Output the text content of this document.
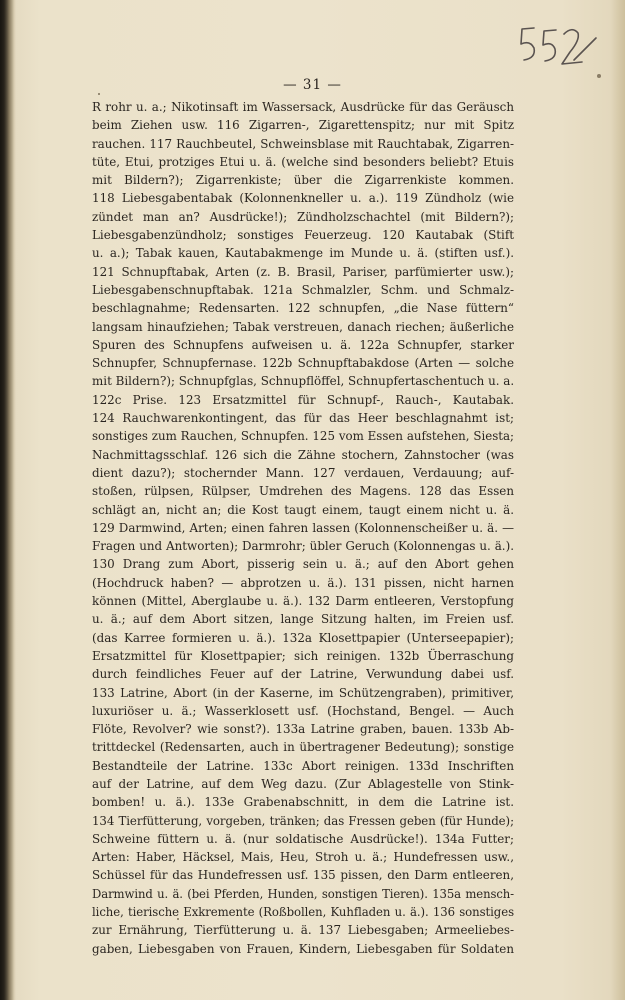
— 31 —
R rohr u. a.; Nikotinsaft im Wassersack, Ausdrücke für das Geräusch
beim Ziehen usw. 116 Zigarren-, Zigarettenspitz; nur mit Spitz
rauchen. 117 Rauchbeutel, Schweinsblase mit Rauchtabak, Zigarren-
tüte, Etui, protziges Etui u. ä. (welche sind besonders beliebt? Etuis
mit Bildern?); Zigarrenkiste; über die Zigarrenkiste kommen.
118 Liebesgabentabak (Kolonnenkneller u. a.). 119 Zündholz (wie
zündet man an? Ausdrücke!); Zündholzschachtel (mit Bildern?);
Liebesgabenzündholz; sonstiges Feuerzeug. 120 Kautabak (Stift
u. a.); Tabak kauen, Kautabakmenge im Munde u. ä. (stiften usf.).
121 Schnupftabak, Arten (z. B. Brasil, Pariser, parfümierter usw.);
Liebesgabenschnupftabak. 121a Schmalzler, Schm. und Schmalz-
beschlagnahme; Redensarten. 122 schnupfen, „die Nase füttern“
langsam hinaufziehen; Tabak verstreuen, danach riechen; äußerliche
Spuren des Schnupfens aufweisen u. ä. 122a Schnupfer, starker
Schnupfer, Schnupfernase. 122b Schnupftabakdose (Arten — solche
mit Bildern?); Schnupfglas, Schnupflöffel, Schnupfertaschentuch u. a.
122c Prise. 123 Ersatzmittel für Schnupf-, Rauch-, Kautabak.
124 Rauchwarenkontingent, das für das Heer beschlagnahmt ist;
sonstiges zum Rauchen, Schnupfen. 125 vom Essen aufstehen, Siesta;
Nachmittagsschlaf. 126 sich die Zähne stochern, Zahnstocher (was
dient dazu?); stochernder Mann. 127 verdauen, Verdauung; auf-
stoßen, rülpsen, Rülpser, Umdrehen des Magens. 128 das Essen
schlägt an, nicht an; die Kost taugt einem, taugt einem nicht u. ä.
129 Darmwind, Arten; einen fahren lassen (Kolonnenscheißer u. ä. —
Fragen und Antworten); Darmrohr; übler Geruch (Kolonnengas u. ä.).
130 Drang zum Abort, pisserig sein u. ä.; auf den Abort gehen
(Hochdruck haben? — abprotzen u. ä.). 131 pissen, nicht harnen
können (Mittel, Aberglaube u. ä.). 132 Darm entleeren, Verstopfung
u. ä.; auf dem Abort sitzen, lange Sitzung halten, im Freien usf.
(das Karree formieren u. ä.). 132a Klosettpapier (Unterseepapier);
Ersatzmittel für Klosettpapier; sich reinigen. 132b Überraschung
durch feindliches Feuer auf der Latrine, Verwundung dabei usf.
133 Latrine, Abort (in der Kaserne, im Schützengraben), primitiver,
luxuriöser u. ä.; Wasserklosett usf. (Hochstand, Bengel. — Auch
Flöte, Revolver? wie sonst?). 133a Latrine graben, bauen. 133b Ab-
trittdeckel (Redensarten, auch in übertragener Bedeutung); sonstige
Bestandteile der Latrine. 133c Abort reinigen. 133d Inschriften
auf der Latrine, auf dem Weg dazu. (Zur Ablagestelle von Stink-
bomben! u. ä.). 133e Grabenabschnitt, in dem die Latrine ist.
134 Tierfütterung, vorgeben, tränken; das Fressen geben (für Hunde);
Schweine füttern u. ä. (nur soldatische Ausdrücke!). 134a Futter;
Arten: Haber, Häcksel, Mais, Heu, Stroh u. ä.; Hundefressen usw.,
Schüssel für das Hundefressen usf. 135 pissen, den Darm entleeren,
Darmwind u. ä. (bei Pferden, Hunden, sonstigen Tieren). 135a mensch-
liche, tierische Exkremente (Roßbollen, Kuhfladen u. ä.). 136 sonstiges
zur Ernährung, Tierfütterung u. ä. 137 Liebesgaben; Armeeliebes-
gaben, Liebesgaben von Frauen, Kindern, Liebesgaben für Soldaten
